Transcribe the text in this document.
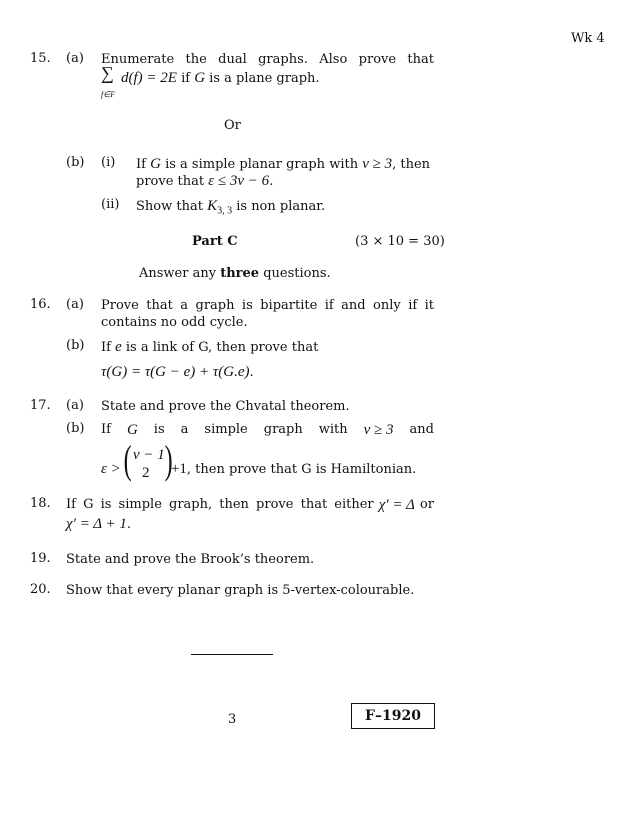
Wk 4
15. (a) Enumerate the dual graphs. Also prove that
∑
f∈F
d(f) = 2E if G is a plane graph.
Or
(b) (i) If G is a simple planar graph with ν ≥ 3, then
prove that ε ≤ 3ν − 6.
(ii) Show that $K_{3, 3}$ is non planar.
Part C	(3 × 10 = 30)
Answer any three questions.
16. (a) Prove that a graph is bipartite if and only if it
contains no odd cycle.
(b) If e is a link of G, then prove that
τ(G) = τ(G − e) + τ(G.e).
17. (a) State and prove the Chvatal theorem.
(b) If G is a simple graph with ν ≥ 3 and
ε > ( ν − 1
2 )
+1, then prove that G is Hamiltonian.
18. If G is simple graph, then prove that either χ′ = Δ or
χ′ = Δ + 1.
19. State and prove the Brook’s theorem.
20. Show that every planar graph is 5-vertex-colourable.
3	F–1920
